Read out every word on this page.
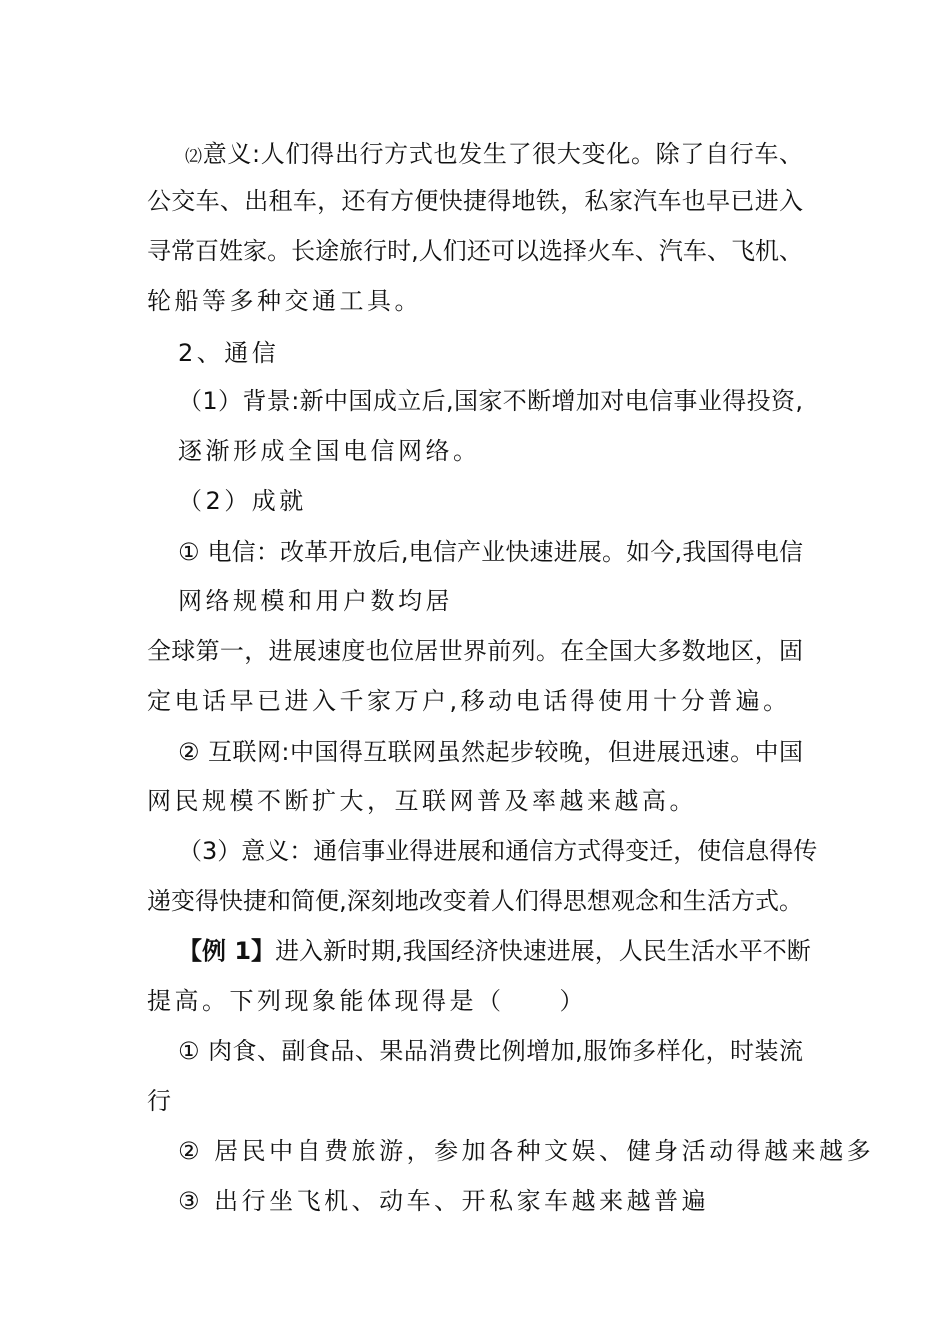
⑵意义:人们得出行方式也发生了很大变化。除了自行车、
公交车、出租车，还有方便快捷得地铁，私家汽车也早已进入
寻常百姓家。长途旅行时,人们还可以选择火车、汽车、飞机、
轮船等多种交通工具。
2、通信
（1）背景:新中国成立后,国家不断增加对电信事业得投资,
逐渐形成全国电信网络。
（2）成就
① 电信：改革开放后,电信产业快速进展。如今,我国得电信
网络规模和用户数均居
全球第一，进展速度也位居世界前列。在全国大多数地区，固
定电话早已进入千家万户,移动电话得使用十分普遍。
② 互联网:中国得互联网虽然起步较晚，但进展迅速。中国
网民规模不断扩大，互联网普及率越来越高。
（3）意义：通信事业得进展和通信方式得变迁，使信息得传
递变得快捷和简便,深刻地改变着人们得思想观念和生活方式。
【例 1】进入新时期,我国经济快速进展，人民生活水平不断
提高。下列现象能体现得是（　　）
① 肉食、副食品、果品消费比例增加,服饰多样化，时装流
行
② 居民中自费旅游，参加各种文娱、健身活动得越来越多
③ 出行坐飞机、动车、开私家车越来越普遍
